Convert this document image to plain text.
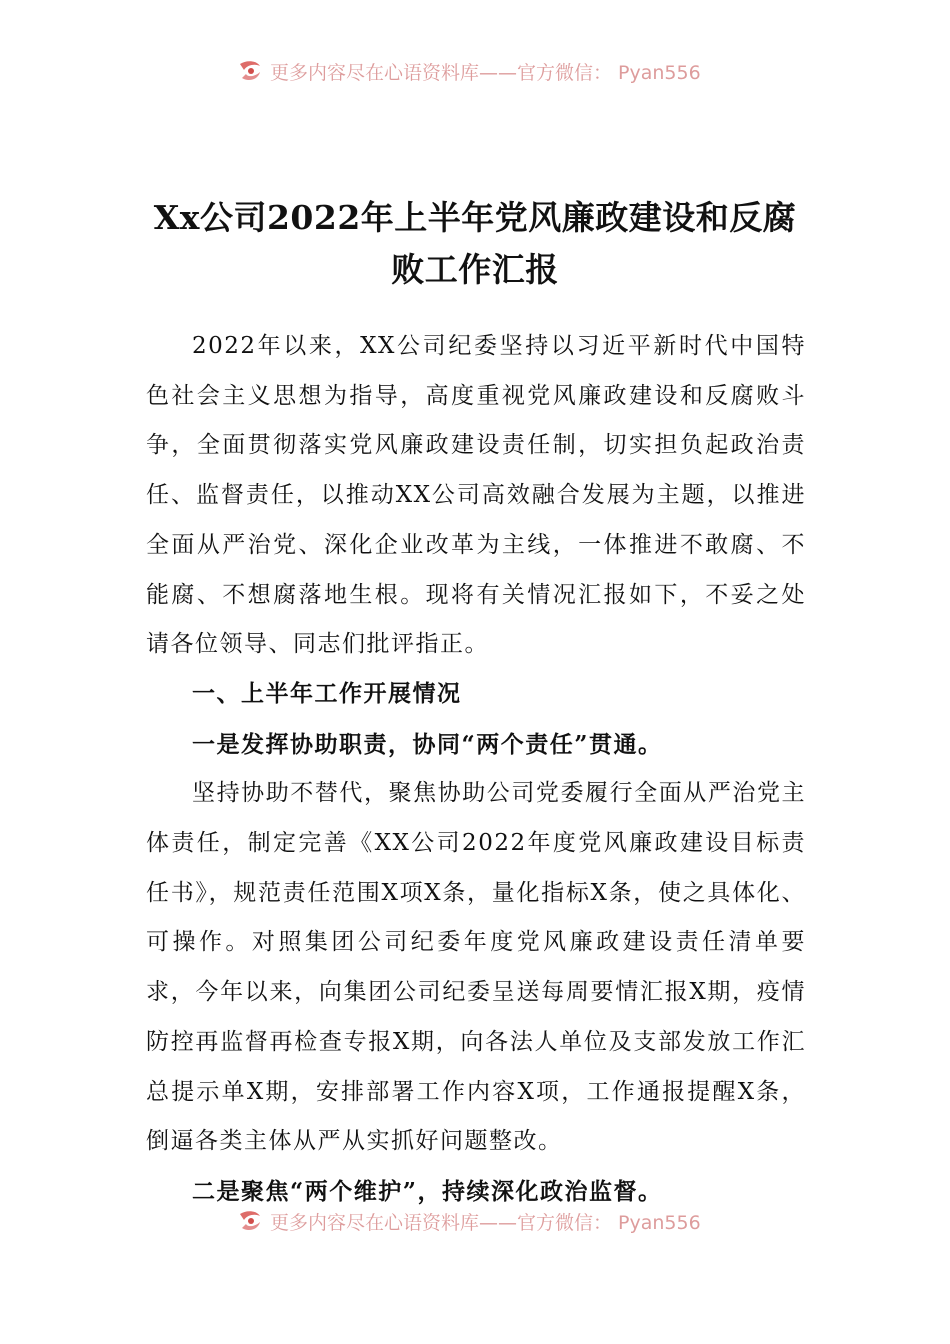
更多内容尽在心语资料库——官方微信： Pyan556
Xx公司2022年上半年党风廉政建设和反腐败工作汇报

2022年以来，XX公司纪委坚持以习近平新时代中国特色社会主义思想为指导，高度重视党风廉政建设和反腐败斗争，全面贯彻落实党风廉政建设责任制，切实担负起政治责任、监督责任，以推动XX公司高效融合发展为主题，以推进全面从严治党、深化企业改革为主线，一体推进不敢腐、不能腐、不想腐落地生根。现将有关情况汇报如下，不妥之处请各位领导、同志们批评指正。

一、上半年工作开展情况

一是发挥协助职责，协同“两个责任”贯通。

坚持协助不替代，聚焦协助公司党委履行全面从严治党主体责任，制定完善《XX公司2022年度党风廉政建设目标责任书》，规范责任范围X项X条，量化指标X条，使之具体化、可操作。对照集团公司纪委年度党风廉政建设责任清单要求，今年以来，向集团公司纪委呈送每周要情汇报X期，疫情防控再监督再检查专报X期，向各法人单位及支部发放工作汇总提示单X期，安排部署工作内容X项，工作通报提醒X条，倒逼各类主体从严从实抓好问题整改。

二是聚焦“两个维护”，持续深化政治监督。

更多内容尽在心语资料库——官方微信： Pyan556
